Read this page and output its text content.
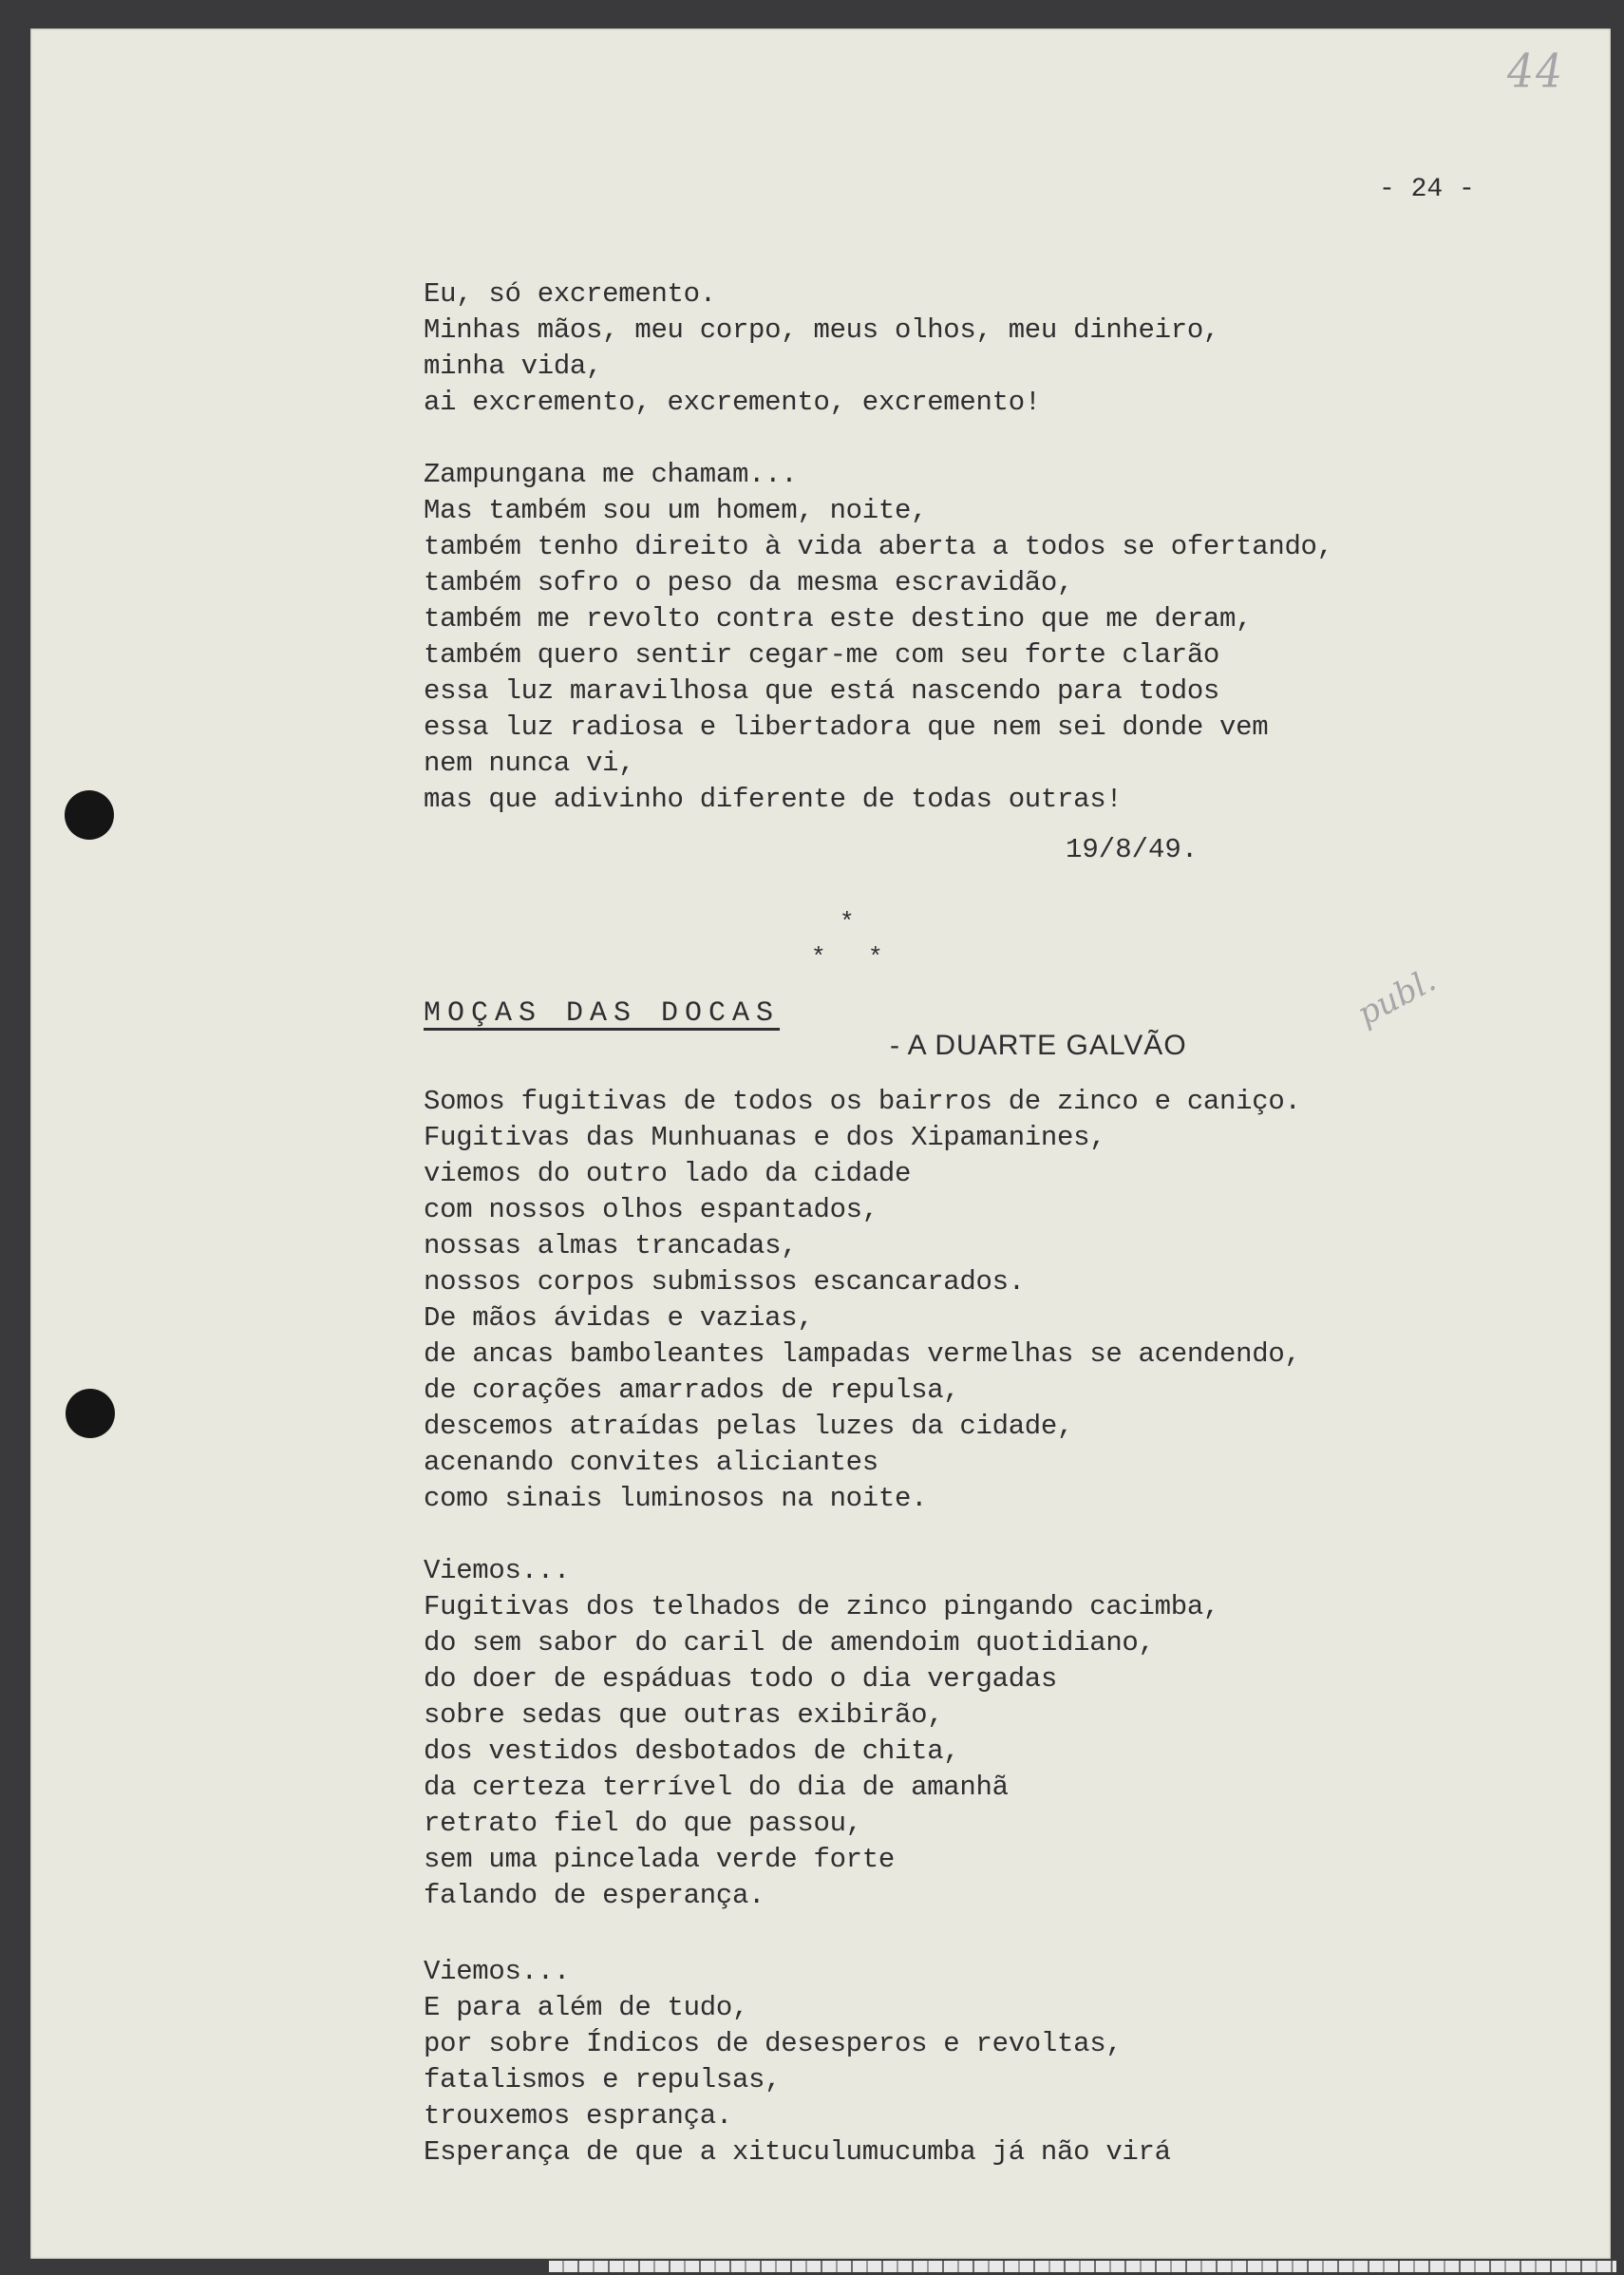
44
publ.
- 24 -
Eu, só excremento.
Minhas mãos, meu corpo, meus olhos, meu dinheiro,
minha vida,
ai excremento, excremento, excremento!
Zampungana me chamam...
Mas também sou um homem, noite,
também tenho direito à vida aberta a todos se ofertando,
também sofro o peso da mesma escravidão,
também me revolto contra este destino que me deram,
também quero sentir cegar-me com seu forte clarão
essa luz maravilhosa que está nascendo para todos
essa luz radiosa e libertadora que nem sei donde vem
nem nunca vi,
mas que adivinho diferente de todas outras!
19/8/49.
*
* *
MOÇAS DAS DOCAS
- A DUARTE GALVÃO
Somos fugitivas de todos os bairros de zinco e caniço.
Fugitivas das Munhuanas e dos Xipamanines,
viemos do outro lado da cidade
com nossos olhos espantados,
nossas almas trancadas,
nossos corpos submissos escancarados.
De mãos ávidas e vazias,
de ancas bamboleantes lampadas vermelhas se acendendo,
de corações amarrados de repulsa,
descemos atraídas pelas luzes da cidade,
acenando convites aliciantes
como sinais luminosos na noite.
Viemos...
Fugitivas dos telhados de zinco pingando cacimba,
do sem sabor do caril de amendoim quotidiano,
do doer de espáduas todo o dia vergadas
sobre sedas que outras exibirão,
dos vestidos desbotados de chita,
da certeza terrível do dia de amanhã
retrato fiel do que passou,
sem uma pincelada verde forte
falando de esperança.
Viemos...
E para além de tudo,
por sobre Índicos de desesperos e revoltas,
fatalismos e repulsas,
trouxemos esprança.
Esperança de que a xituculumucumba já não virá
